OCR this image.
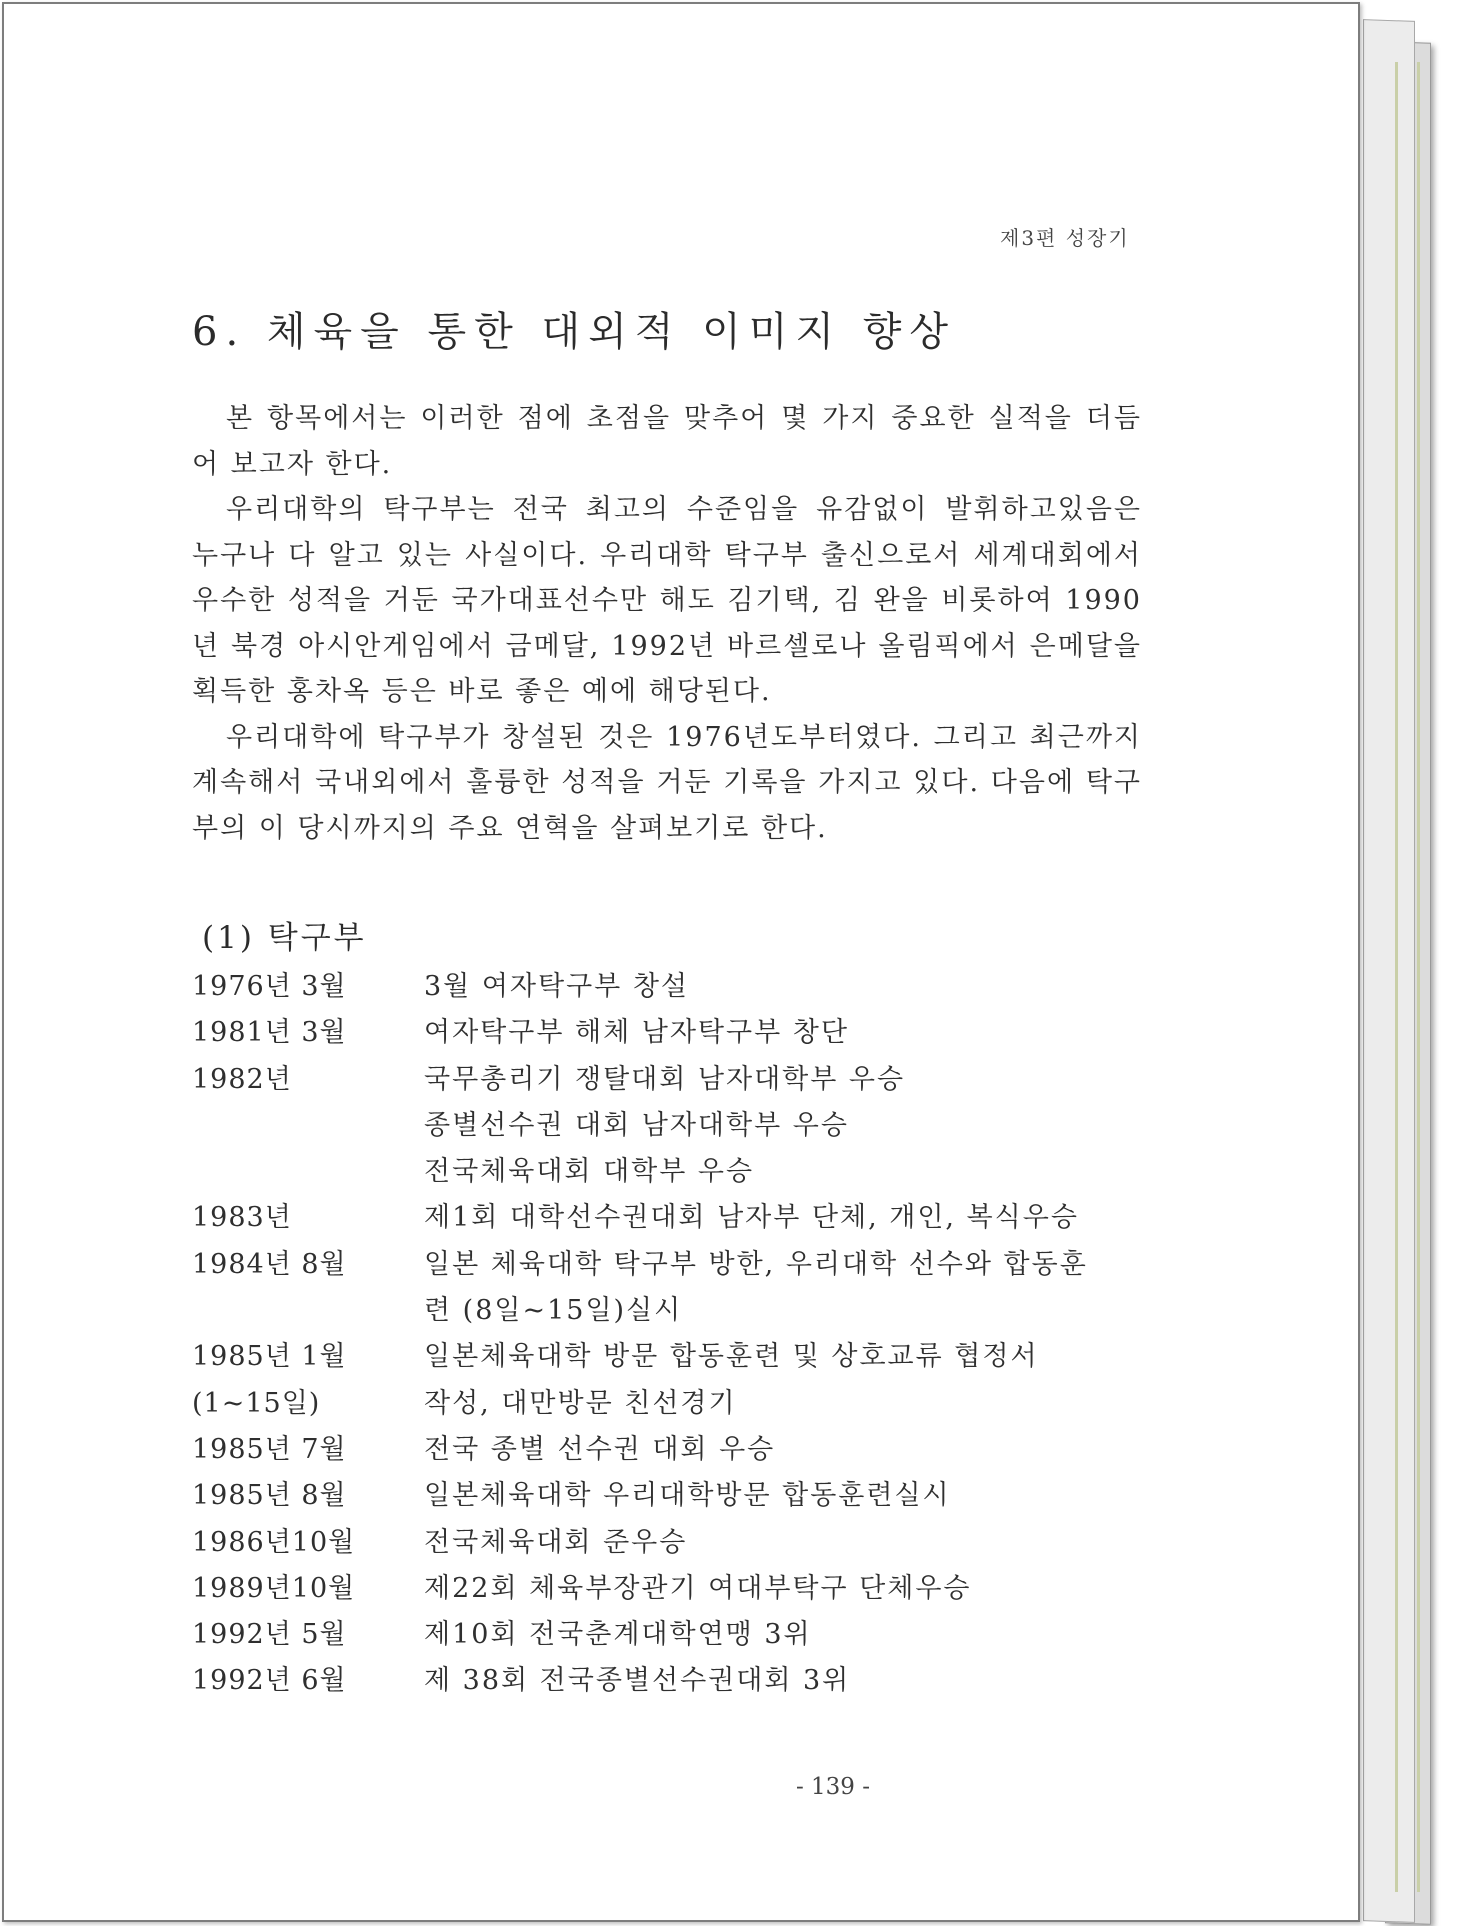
제3편 성장기
6. 체육을 통한 대외적 이미지 향상

본 항목에서는 이러한 점에 초점을 맞추어 몇 가지 중요한 실적을 더듬어 보고자 한다.

우리대학의 탁구부는 전국 최고의 수준임을 유감없이 발휘하고있음은 누구나 다 알고 있는 사실이다. 우리대학 탁구부 출신으로서 세계대회에서 우수한 성적을 거둔 국가대표선수만 해도 김기택, 김 완을 비롯하여 1990년 북경 아시안게임에서 금메달, 1992년 바르셀로나 올림픽에서 은메달을 획득한 홍차옥 등은 바로 좋은 예에 해당된다.

우리대학에 탁구부가 창설된 것은 1976년도부터였다. 그리고 최근까지 계속해서 국내외에서 훌륭한 성적을 거둔 기록을 가지고 있다. 다음에 탁구부의 이 당시까지의 주요 연혁을 살펴보기로 한다.

(1) 탁구부
1976년 3월	3월 여자탁구부 창설
1981년 3월	여자탁구부 해체 남자탁구부 창단
1982년	국무총리기 쟁탈대회 남자대학부 우승
종별선수권 대회 남자대학부 우승
전국체육대회 대학부 우승
1983년	제1회 대학선수권대회 남자부 단체, 개인, 복식우승
1984년 8월	일본 체육대학 탁구부 방한, 우리대학 선수와 합동훈
련 (8일~15일)실시
1985년 1월	일본체육대학 방문 합동훈련 및 상호교류 협정서
(1~15일)	작성, 대만방문 친선경기
1985년 7월	전국 종별 선수권 대회 우승
1985년 8월	일본체육대학 우리대학방문 합동훈련실시
1986년10월	전국체육대회 준우승
1989년10월	제22회 체육부장관기 여대부탁구 단체우승
1992년 5월	제10회 전국춘계대학연맹 3위
1992년 6월	제 38회 전국종별선수권대회 3위
- 139 -
